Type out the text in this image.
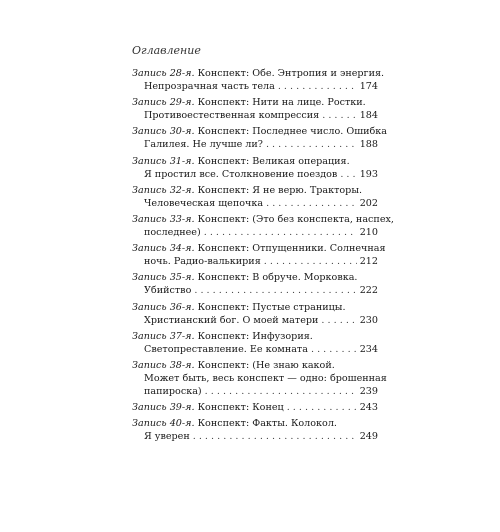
Оглавление
Запись 28-я. Конспект: Обе. Энтропия и энергия.
Непрозрачная часть тела . . .	174
Запись 29-я. Конспект: Нити на лице. Ростки.
Противоестественная компрессия . . .	184
Запись 30-я. Конспект: Последнее число. Ошибка
Галилея. Не лучше ли? . . .	188
Запись 31-я. Конспект: Великая операция.
Я простил все. Столкновение поездов . . . 193
Запись 32-я. Конспект: Я не верю. Тракторы.
Человеческая щепочка . . .	202
Запись 33-я. Конспект: (Это без конспекта, наспех,
последнее) . . .	210
Запись 34-я. Конспект: Отпущенники. Солнечная
ночь. Радио-валькирия . . .	212
Запись 35-я. Конспект: В обруче. Морковка.
Убийство . . .	222
Запись 36-я. Конспект: Пустые страницы.
Христианский бог. О моей матери . . .	230
Запись 37-я. Конспект: Инфузория.
Светопреставление. Ее комната . . .	234
Запись 38-я. Конспект: (Не знаю какой.
Может быть, весь конспект — одно: брошенная
папироска) . . .	239
Запись 39-я.
Конспект: Конец . . .	243
Запись 40-я. Конспект: Факты. Колокол.
Я уверен . . .	249
